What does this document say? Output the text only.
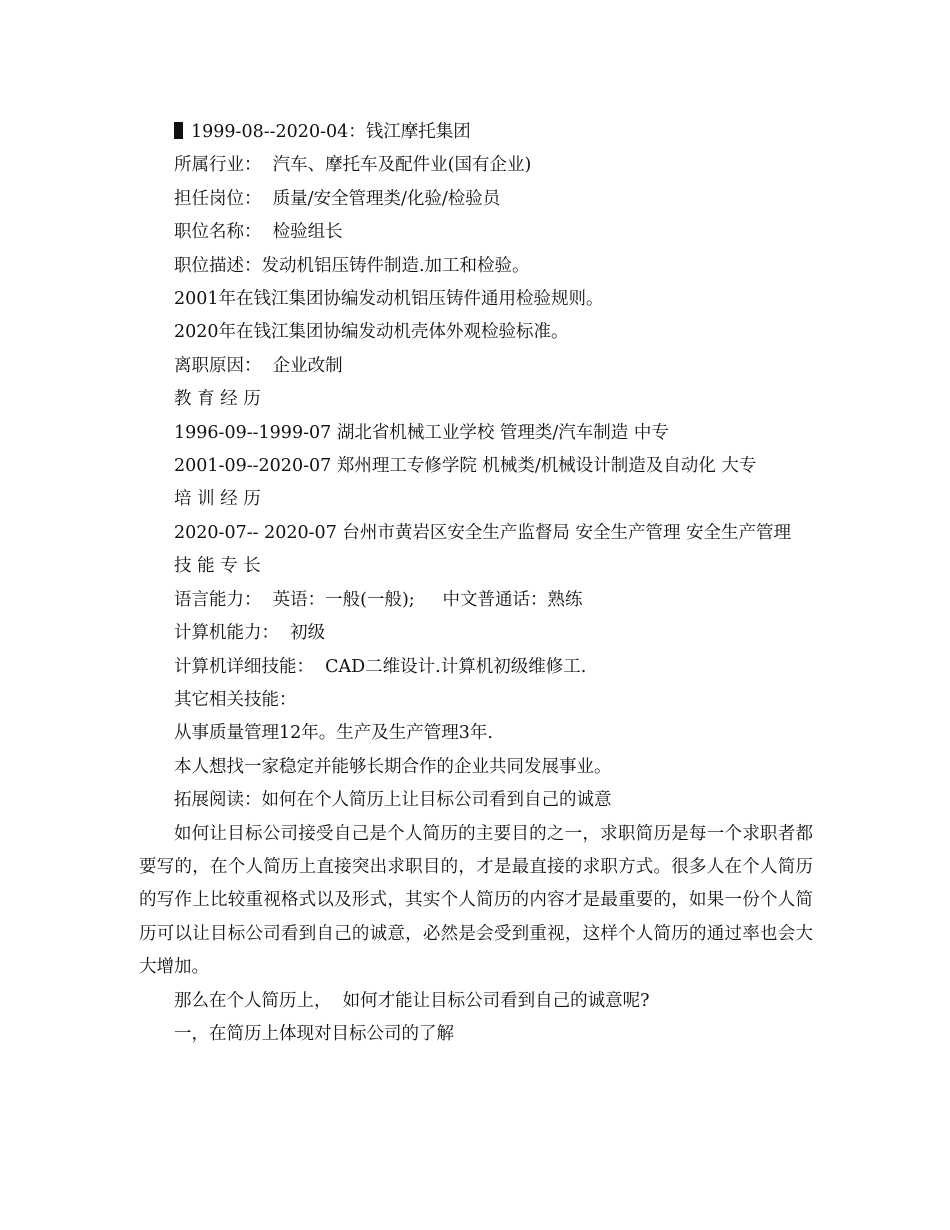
1999-08--2020-04：钱江摩托集团

所属行业：  汽车、摩托车及配件业(国有企业)

担任岗位：  质量/安全管理类/化验/检验员

职位名称：  检验组长

职位描述：发动机铝压铸件制造.加工和检验。

2001年在钱江集团协编发动机铝压铸件通用检验规则。

2020年在钱江集团协编发动机壳体外观检验标准。

离职原因：  企业改制

教 育 经 历

1996-09--1999-07 湖北省机械工业学校 管理类/汽车制造 中专

2001-09--2020-07 郑州理工专修学院 机械类/机械设计制造及自动化 大专

培 训 经 历

2020-07-- 2020-07 台州市黄岩区安全生产监督局 安全生产管理 安全生产管理

技 能 专 长

语言能力：  英语：一般(一般);     中文普通话：熟练

计算机能力：  初级

计算机详细技能：  CAD二维设计.计算机初级维修工.

其它相关技能：

从事质量管理12年。生产及生产管理3年.

本人想找一家稳定并能够长期合作的企业共同发展事业。

拓展阅读：如何在个人简历上让目标公司看到自己的诚意

如何让目标公司接受自己是个人简历的主要目的之一，求职简历是每一个求职者都要写的，在个人简历上直接突出求职目的，才是最直接的求职方式。很多人在个人简历的写作上比较重视格式以及形式，其实个人简历的内容才是最重要的，如果一份个人简历可以让目标公司看到自己的诚意，必然是会受到重视，这样个人简历的通过率也会大大增加。

那么在个人简历上，  如何才能让目标公司看到自己的诚意呢?

一，在简历上体现对目标公司的了解
